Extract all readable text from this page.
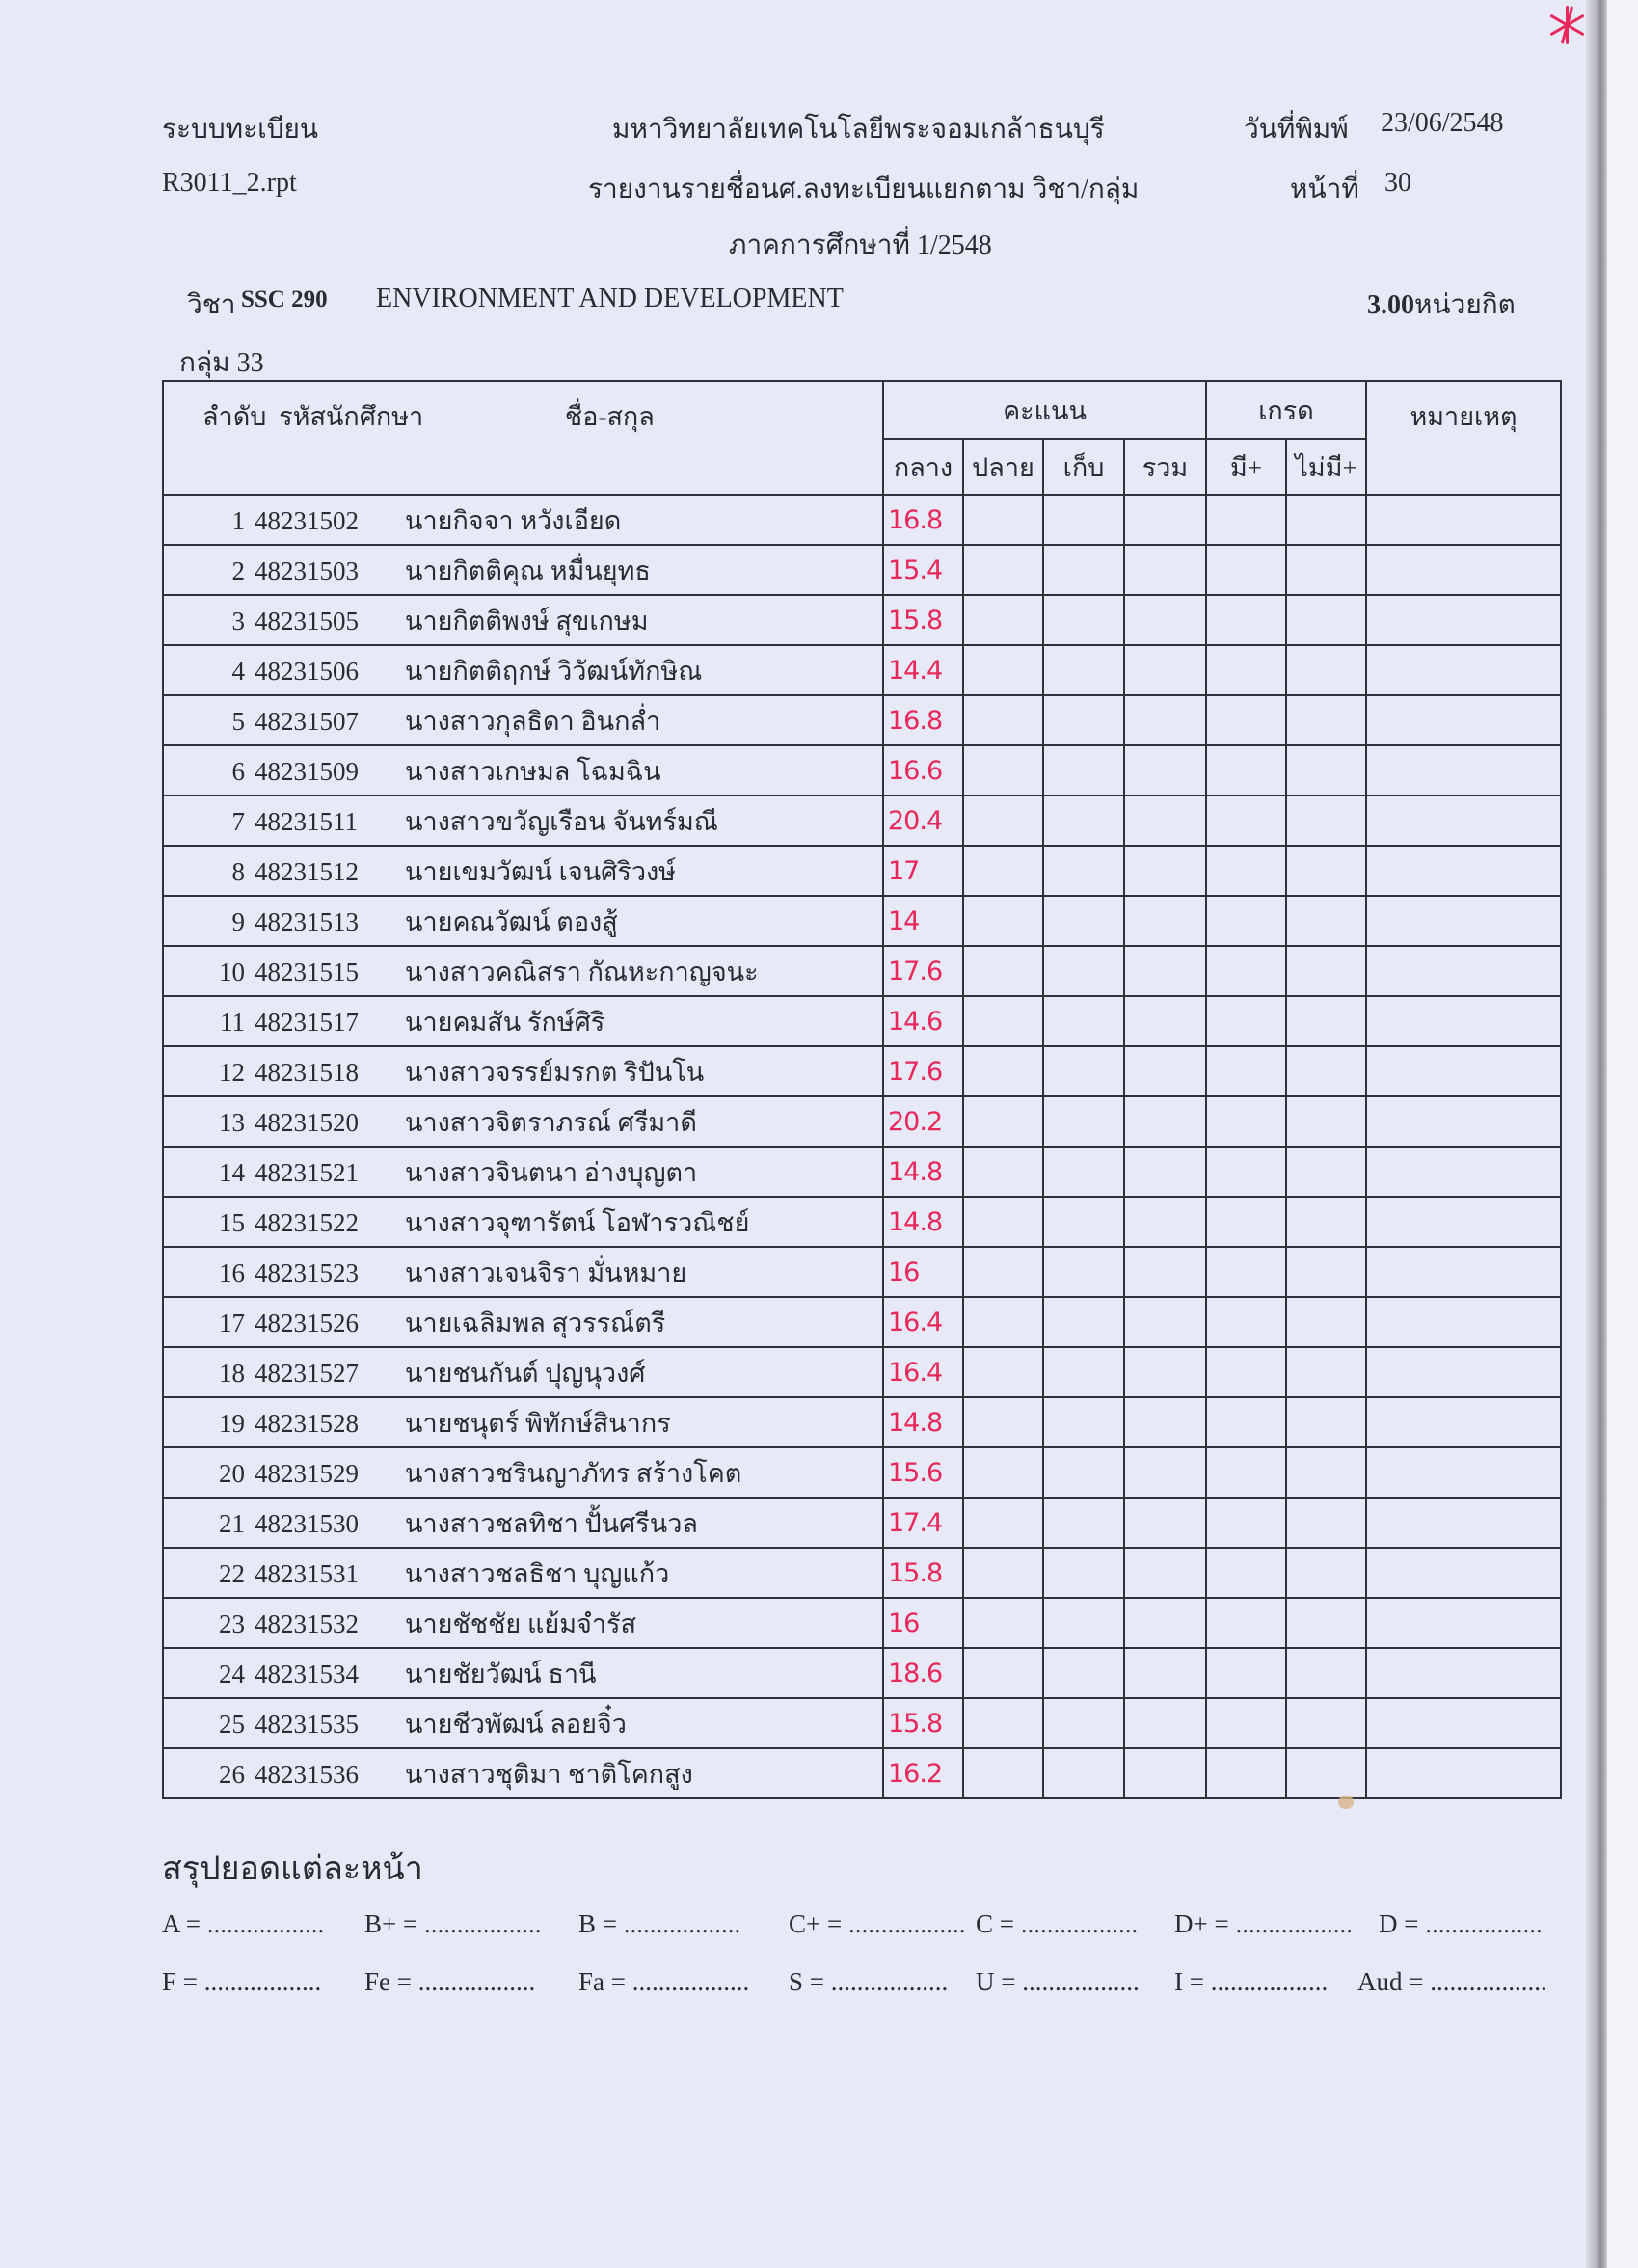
ระบบทะเบียน
R3011_2.rpt
มหาวิทยาลัยเทคโนโลยีพระจอมเกล้าธนบุรี
รายงานรายชื่อนศ.ลงทะเบียนแยกตาม วิชา/กลุ่ม
ภาคการศึกษาที่ 1/2548
วันที่พิมพ์ 23/06/2548
หน้าที่ 30
วิชา SSC 290 ENVIRONMENT AND DEVELOPMENT	3.00หน่วยกิต
กลุ่ม 33
ลำดับ รหัสนักศึกษา ชื่อ-สกุล	คะแนน				เกรด		หมายเหตุ
	กลาง	ปลาย	เก็บ	รวม	มี+	ไม่มี+	
1 48231502 นายกิจจา หวังเอียด	16.8						
2 48231503 นายกิตติคุณ หมื่นยุทธ	15.4						
3 48231505 นายกิตติพงษ์ สุขเกษม	15.8						
4 48231506 นายกิตติฤกษ์ วิวัฒน์ทักษิณ	14.4						
5 48231507 นางสาวกุลธิดา อินกล่ำ	16.8						
6 48231509 นางสาวเกษมล โฉมฉิน	16.6						
7 48231511 นางสาวขวัญเรือน จันทร์มณี	20.4						
8 48231512 นายเขมวัฒน์ เจนศิริวงษ์	17						
9 48231513 นายคณวัฒน์ ตองสู้	14						
10 48231515 นางสาวคณิสรา กัณหะกาญจนะ	17.6						
11 48231517 นายคมสัน รักษ์ศิริ	14.6						
12 48231518 นางสาวจรรย์มรกต ริปันโน	17.6						
13 48231520 นางสาวจิตราภรณ์ ศรีมาดี	20.2						
14 48231521 นางสาวจินตนา อ่างบุญตา	14.8						
15 48231522 นางสาวจุฑารัตน์ โอฬารวณิชย์	14.8						
16 48231523 นางสาวเจนจิรา มั่นหมาย	16						
17 48231526 นายเฉลิมพล สุวรรณ์ตรี	16.4						
18 48231527 นายชนกันต์ ปุญนุวงศ์	16.4						
19 48231528 นายชนุตร์ พิทักษ์สินากร	14.8						
20 48231529 นางสาวชรินญาภัทร สร้างโคต	15.6						
21 48231530 นางสาวชลทิชา ปั้นศรีนวล	17.4						
22 48231531 นางสาวชลธิชา บุญแก้ว	15.8						
23 48231532 นายชัชชัย แย้มจำรัส	16						
24 48231534 นายชัยวัฒน์ ธานี	18.6						
25 48231535 นายชีวพัฒน์ ลอยจิ๋ว	15.8						
26 48231536 นางสาวชุติมา ชาติโคกสูง	16.2						
สรุปยอดแต่ละหน้า
A = .................. B+ = .................. B = .................. C+ = .................. C = .................. D+ = .................. D = ..................
F = .................. Fe = .................. Fa = .................. S = .................. U = .................. I = .................. Aud = ..................
